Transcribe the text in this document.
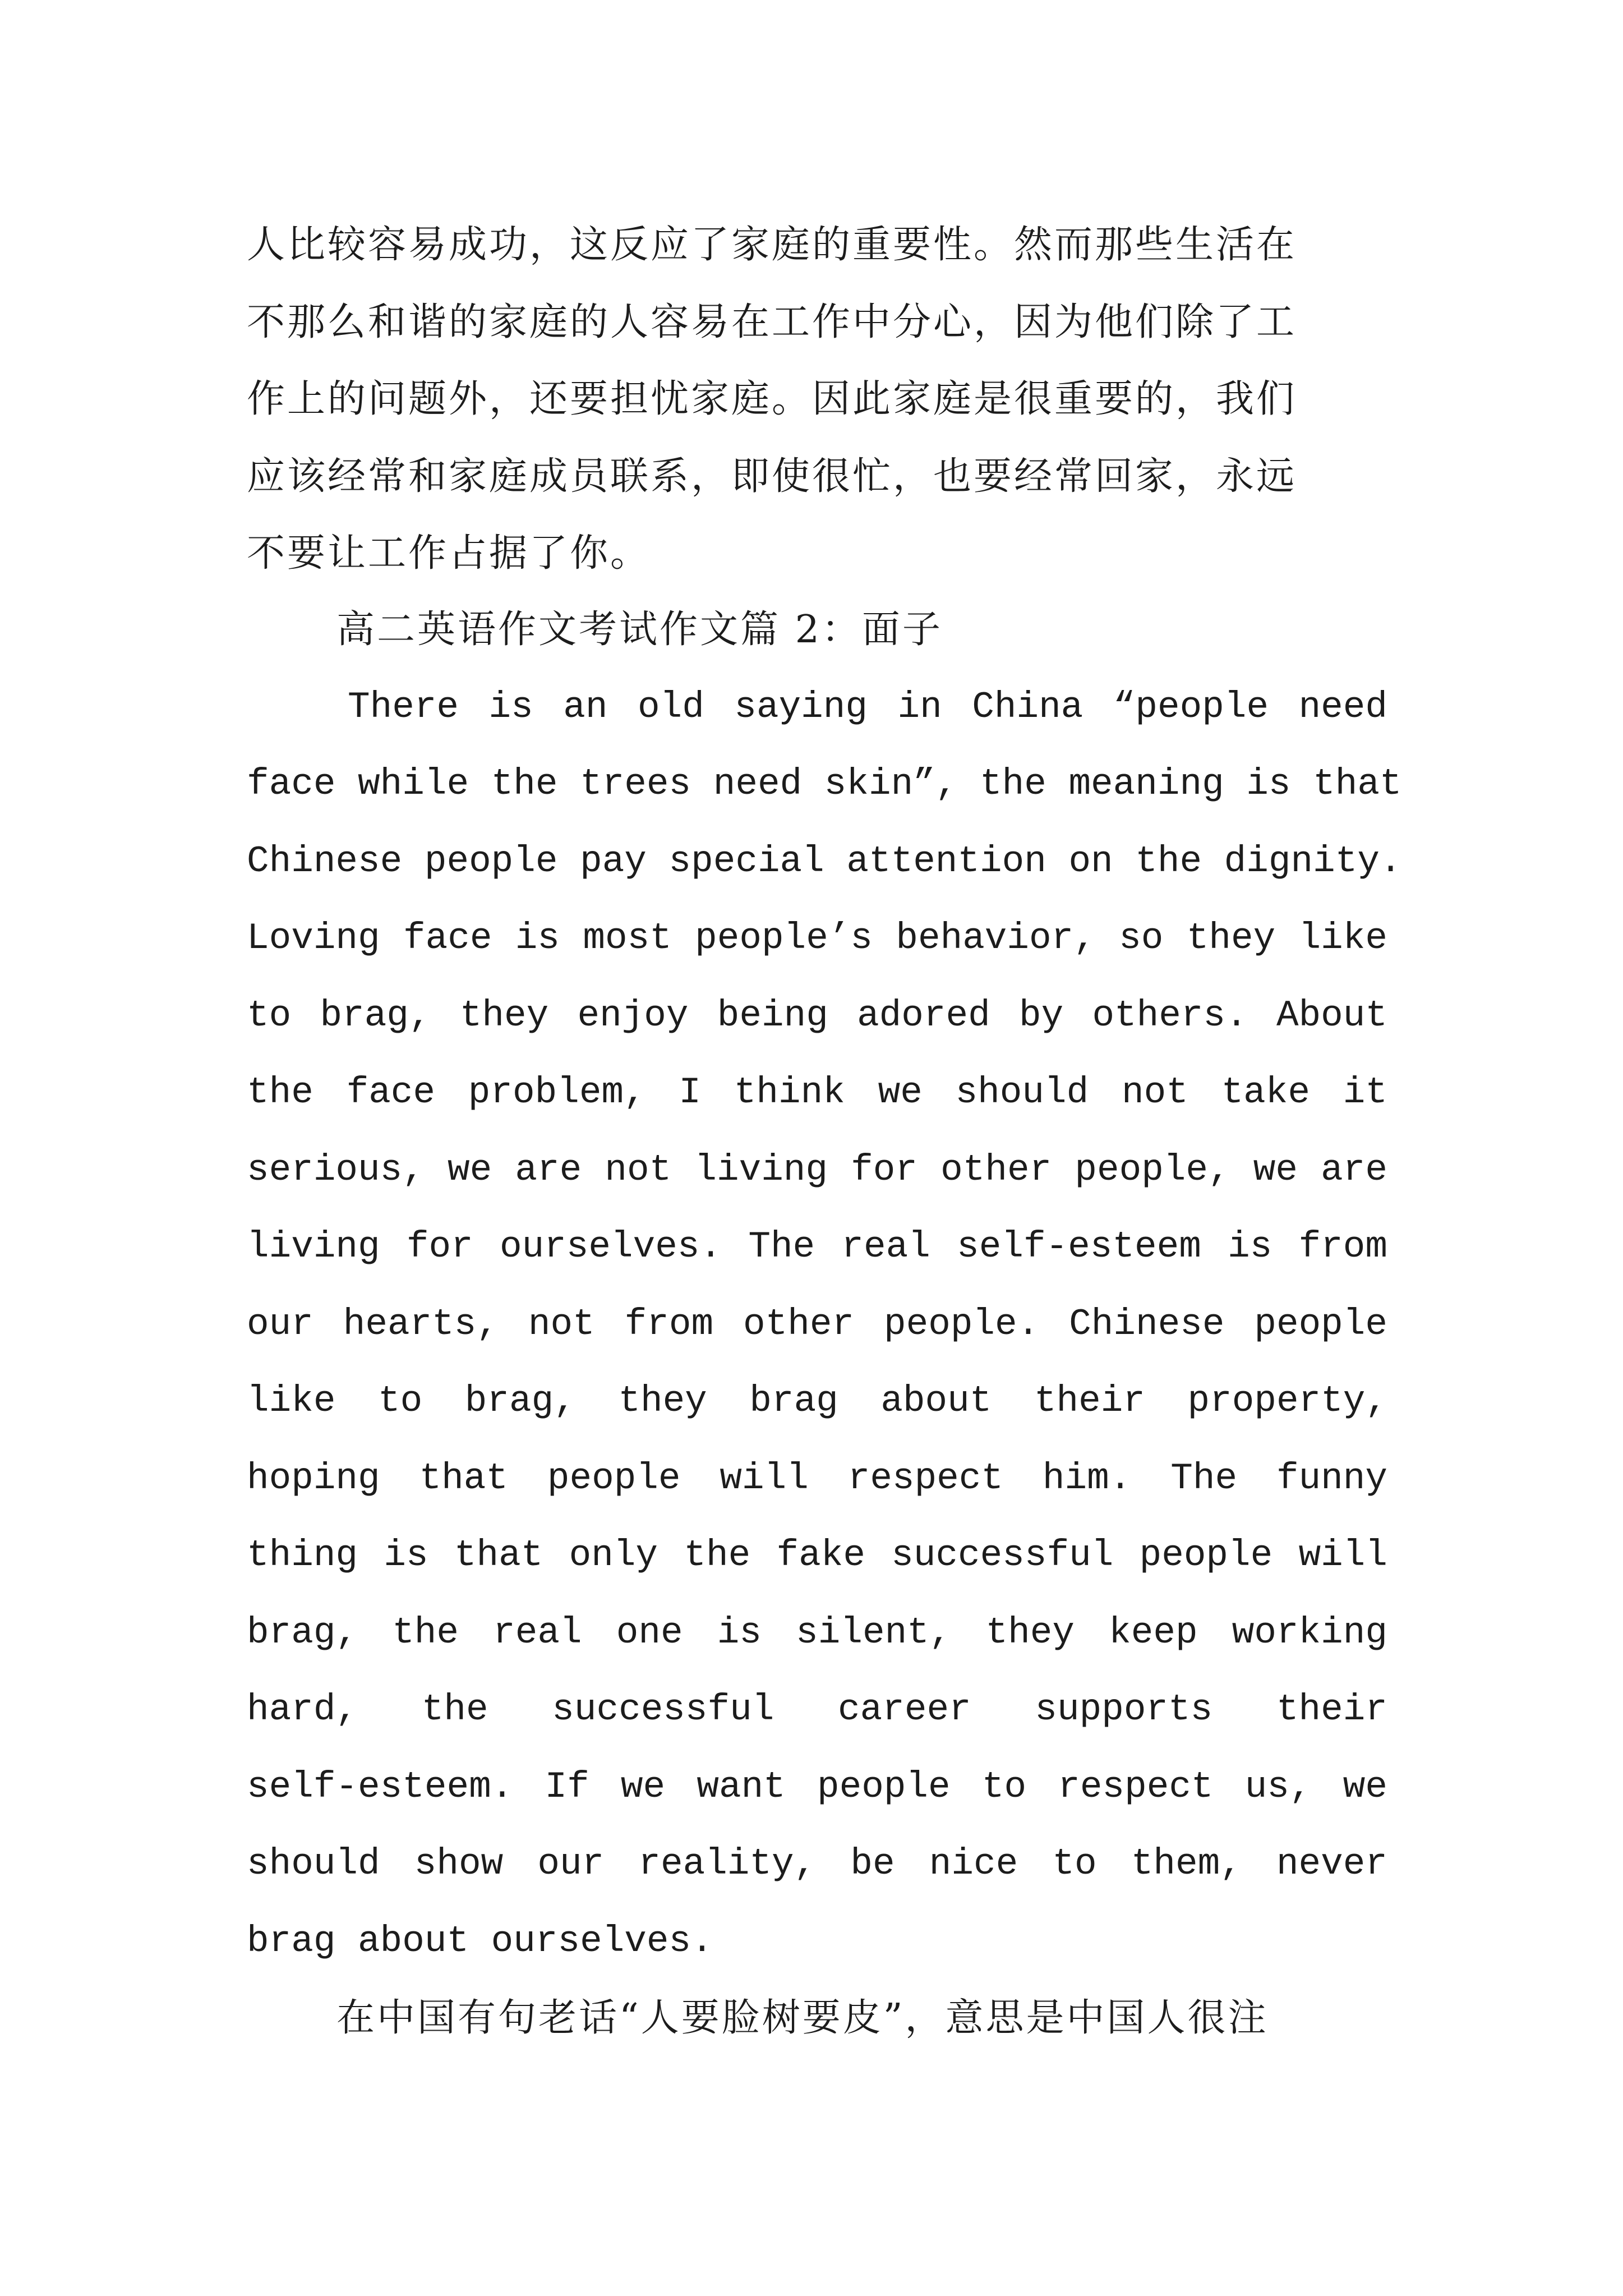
人比较容易成功，这反应了家庭的重要性。然而那些生活在
不那么和谐的家庭的人容易在工作中分心，因为他们除了工
作上的问题外，还要担忧家庭。因此家庭是很重要的，我们
应该经常和家庭成员联系，即使很忙，也要经常回家，永远
不要让工作占据了你。
高二英语作文考试作文篇 2：面子
There is an old saying in China “people need
face while the trees need skin”, the meaning is that
Chinese people pay special attention on the dignity.
Loving face is most people’s behavior, so they like
to brag, they enjoy being adored by others. About
the face problem, I think we should not take it
serious, we are not living for other people, we are
living for ourselves. The real self-esteem is from
our hearts, not from other people. Chinese people
like to brag, they brag about their property,
hoping that people will respect him. The funny
thing is that only the fake successful people will
brag, the real one is silent, they keep working
hard, the successful career supports their
self-esteem. If we want people to respect us, we
should show our reality, be nice to them, never
brag about ourselves.
在中国有句老话“人要脸树要皮”，意思是中国人很注
